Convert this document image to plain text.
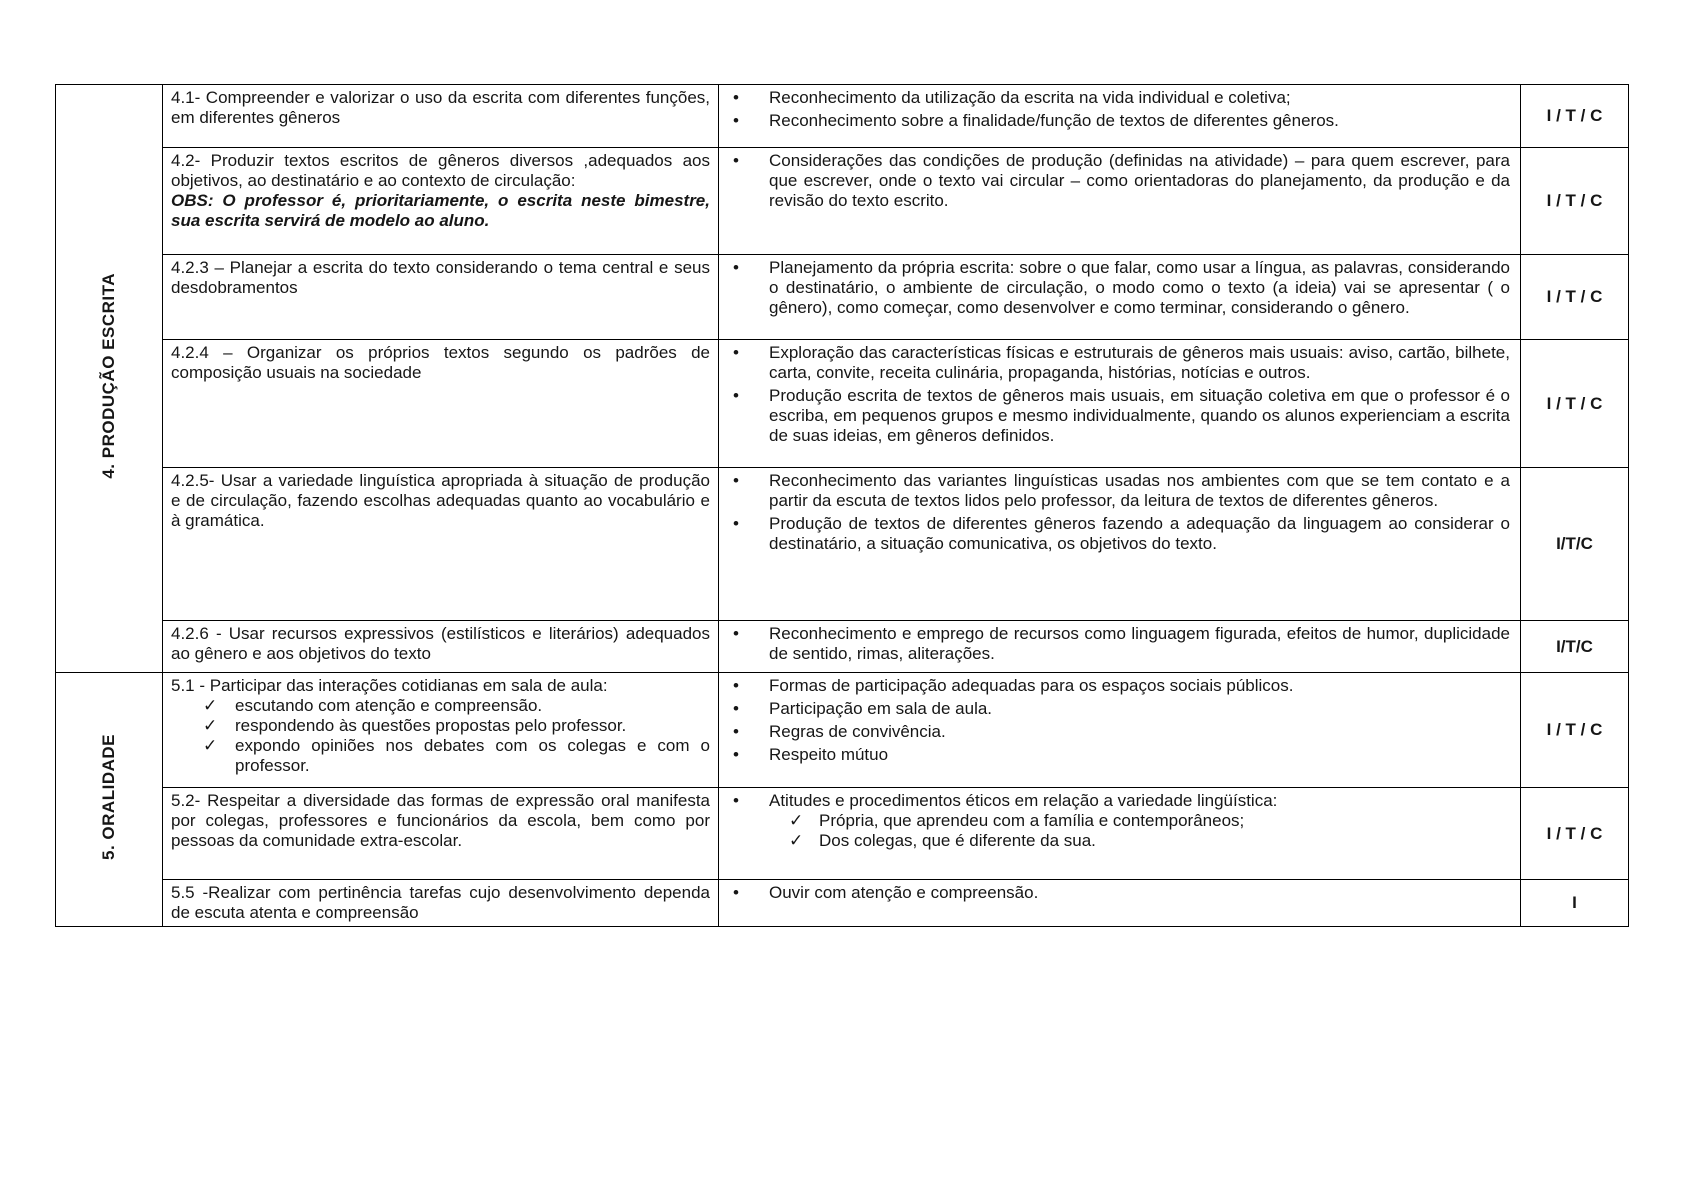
4. PRODUÇÃO ESCRITA	

4.1- Compreender e valorizar o uso da escrita com diferentes funções, em diferentes gêneros

• Reconhecimento da utilização da escrita na vida individual e coletiva;
• Reconhecimento sobre a finalidade/função de textos de diferentes gêneros.	I / T / C

4.2- Produzir textos escritos de gêneros diversos ,adequados aos objetivos, ao destinatário e ao contexto de circulação:

OBS: O professor é, prioritariamente, o escrita neste bimestre, sua escrita servirá de modelo ao aluno.

• Considerações das condições de produção (definidas na atividade) – para quem escrever, para que escrever, onde o texto vai circular – como orientadoras do planejamento, da produção e da revisão do texto escrito.	I / T / C

4.2.3 – Planejar a escrita do texto considerando o tema central e seus desdobramentos

• Planejamento da própria escrita: sobre o que falar, como usar a língua, as palavras, considerando o destinatário, o ambiente de circulação, o modo como o texto (a ideia) vai se apresentar ( o gênero), como começar, como desenvolver e como terminar, considerando o gênero.
	I / T / C

4.2.4 – Organizar os próprios textos segundo os padrões de composição usuais na sociedade

• Exploração das características físicas e estruturais de gêneros mais usuais: aviso, cartão, bilhete, carta, convite, receita culinária, propaganda, histórias, notícias e outros.
• Produção escrita de textos de gêneros mais usuais, em situação coletiva em que o professor é o escriba, em pequenos grupos e mesmo individualmente, quando os alunos experienciam a escrita de suas ideias, em gêneros definidos.
	I / T / C

4.2.5- Usar a variedade linguística apropriada à situação de produção e de circulação, fazendo escolhas adequadas quanto ao vocabulário e à gramática.

• Reconhecimento das variantes linguísticas usadas nos ambientes com que se tem contato e a partir da escuta de textos lidos pelo professor, da leitura de textos de diferentes gêneros.
• Produção de textos de diferentes gêneros fazendo a adequação da linguagem ao considerar o destinatário, a situação comunicativa, os objetivos do texto.	I/T/C

4.2.6 - Usar recursos expressivos (estilísticos e literários) adequados ao gênero e aos objetivos do texto

• Reconhecimento e emprego de recursos como linguagem figurada, efeitos de humor, duplicidade de sentido, rimas, aliterações.	I/T/C
5. ORALIDADE	

5.1 - Participar das interações cotidianas em sala de aula:

✓ escutando com atenção e compreensão.
✓ respondendo às questões propostas pelo professor.
✓ expondo opiniões nos debates com os colegas e com o professor.

• Formas de participação adequadas para os espaços sociais públicos.
• Participação em sala de aula.
• Regras de convivência.
• Respeito mútuo
	I / T / C

5.2- Respeitar a diversidade das formas de expressão oral manifesta por colegas, professores e funcionários da escola, bem como por pessoas da comunidade extra-escolar.

• Atitudes e procedimentos éticos em relação a variedade lingüística:
✓ Própria, que aprendeu com a família e contemporâneos;
✓ Dos colegas, que é diferente da sua.	I / T / C

5.5 -Realizar com pertinência tarefas cujo desenvolvimento dependa de escuta atenta e compreensão

• Ouvir com atenção e compreensão.
	I
